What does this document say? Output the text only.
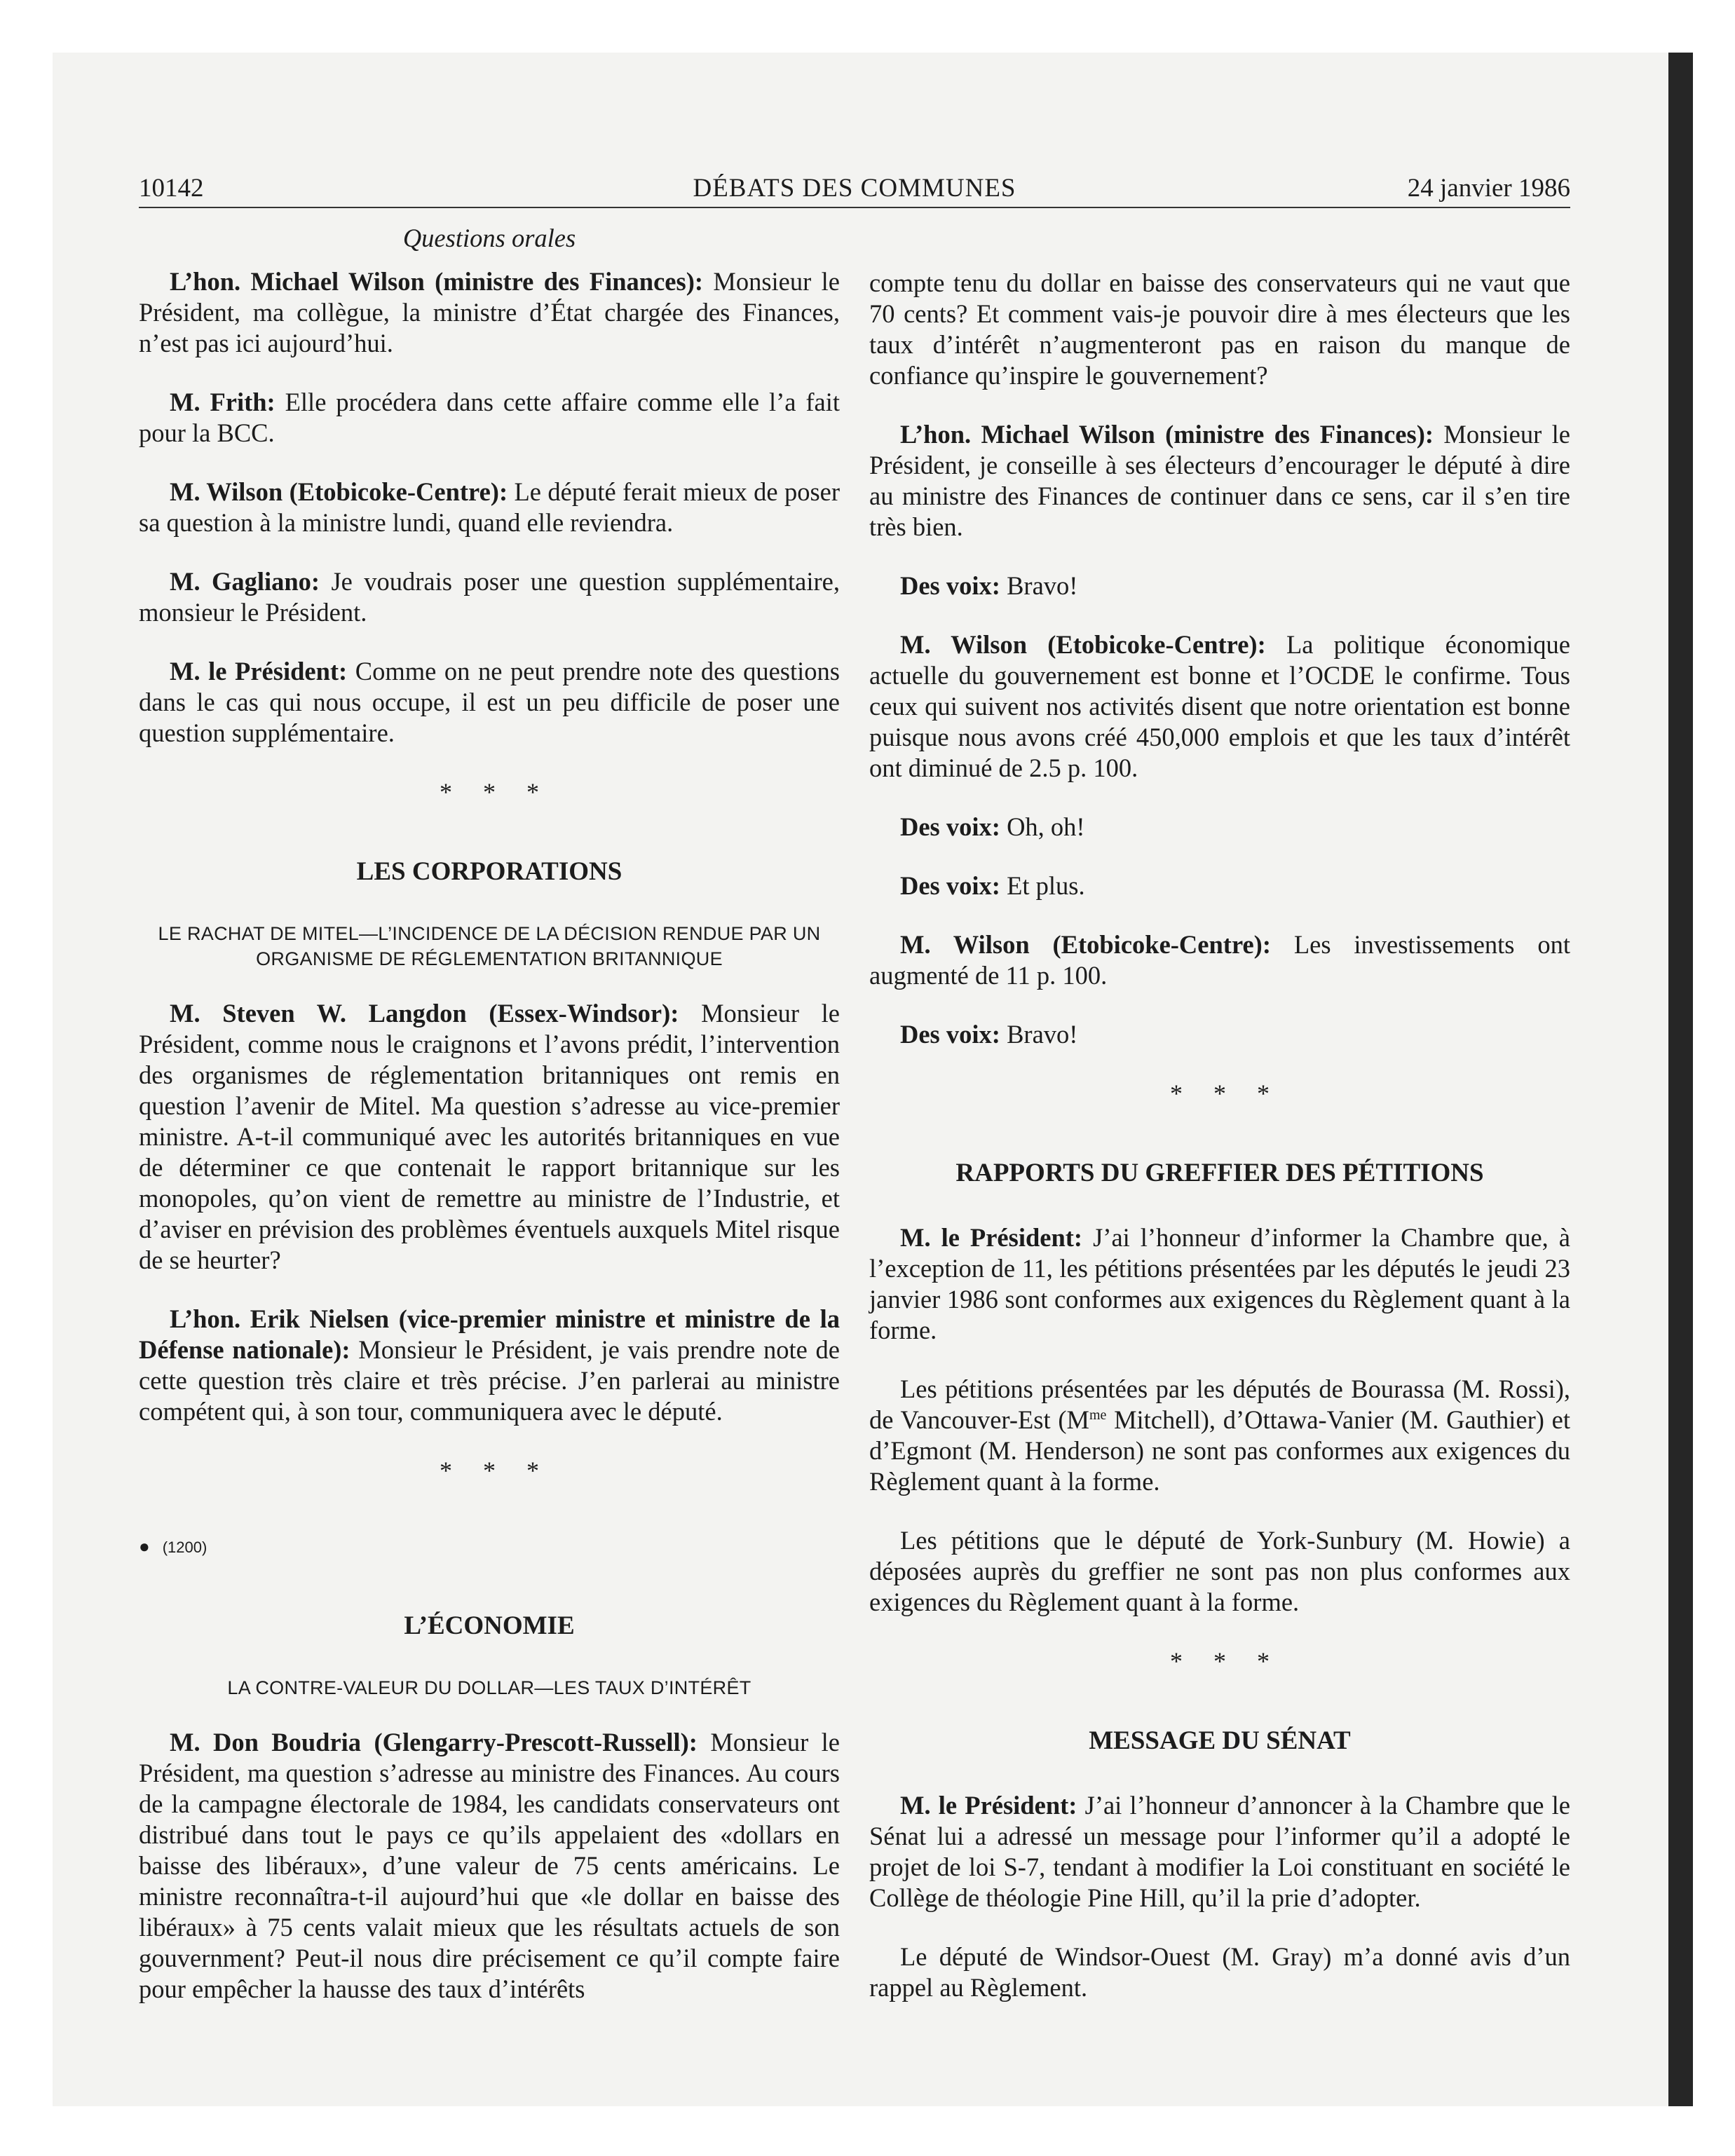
10142	DÉBATS DES COMMUNES	24 janvier 1986
Questions orales

L’hon. Michael Wilson (ministre des Finances): Monsieur le Président, ma collègue, la ministre d’État chargée des Finances, n’est pas ici aujourd’hui.

M. Frith: Elle procédera dans cette affaire comme elle l’a fait pour la BCC.

M. Wilson (Etobicoke-Centre): Le député ferait mieux de poser sa question à la ministre lundi, quand elle reviendra.

M. Gagliano: Je voudrais poser une question supplémentaire, monsieur le Président.

M. le Président: Comme on ne peut prendre note des questions dans le cas qui nous occupe, il est un peu difficile de poser une question supplémentaire.

***
LES CORPORATIONS
LE RACHAT DE MITEL—L’INCIDENCE DE LA DÉCISION RENDUE PAR UN ORGANISME DE RÉGLEMENTATION BRITANNIQUE

M. Steven W. Langdon (Essex-Windsor): Monsieur le Président, comme nous le craignons et l’avons prédit, l’intervention des organismes de réglementation britanniques ont remis en question l’avenir de Mitel. Ma question s’adresse au vice-premier ministre. A-t-il communiqué avec les autorités britanniques en vue de déterminer ce que contenait le rapport britannique sur les monopoles, qu’on vient de remettre au ministre de l’Industrie, et d’aviser en prévision des problèmes éventuels auxquels Mitel risque de se heurter?

L’hon. Erik Nielsen (vice-premier ministre et ministre de la Défense nationale): Monsieur le Président, je vais prendre note de cette question très claire et très précise. J’en parlerai au ministre compétent qui, à son tour, communiquera avec le député.

***
● (1200)
L’ÉCONOMIE
LA CONTRE-VALEUR DU DOLLAR—LES TAUX D’INTÉRÊT

M. Don Boudria (Glengarry-Prescott-Russell): Monsieur le Président, ma question s’adresse au ministre des Finances. Au cours de la campagne électorale de 1984, les candidats conservateurs ont distribué dans tout le pays ce qu’ils appelaient des «dollars en baisse des libéraux», d’une valeur de 75 cents américains. Le ministre reconnaîtra-t-il aujourd’hui que «le dollar en baisse des libéraux» à 75 cents valait mieux que les résultats actuels de son gouvernment? Peut-il nous dire précisement ce qu’il compte faire pour empêcher la hausse des taux d’intérêts

compte tenu du dollar en baisse des conservateurs qui ne vaut que 70 cents? Et comment vais-je pouvoir dire à mes électeurs que les taux d’intérêt n’augmenteront pas en raison du manque de confiance qu’inspire le gouvernement?

L’hon. Michael Wilson (ministre des Finances): Monsieur le Président, je conseille à ses électeurs d’encourager le député à dire au ministre des Finances de continuer dans ce sens, car il s’en tire très bien.

Des voix: Bravo!

M. Wilson (Etobicoke-Centre): La politique économique actuelle du gouvernement est bonne et l’OCDE le confirme. Tous ceux qui suivent nos activités disent que notre orientation est bonne puisque nous avons créé 450,000 emplois et que les taux d’intérêt ont diminué de 2.5 p. 100.

Des voix: Oh, oh!

Des voix: Et plus.

M. Wilson (Etobicoke-Centre): Les investissements ont augmenté de 11 p. 100.

Des voix: Bravo!

***
RAPPORTS DU GREFFIER DES PÉTITIONS

M. le Président: J’ai l’honneur d’informer la Chambre que, à l’exception de 11, les pétitions présentées par les députés le jeudi 23 janvier 1986 sont conformes aux exigences du Règlement quant à la forme.

Les pétitions présentées par les députés de Bourassa (M. Rossi), de Vancouver-Est ($M^{me}$ Mitchell), d’Ottawa-Vanier (M. Gauthier) et d’Egmont (M. Henderson) ne sont pas conformes aux exigences du Règlement quant à la forme.

Les pétitions que le député de York-Sunbury (M. Howie) a déposées auprès du greffier ne sont pas non plus conformes aux exigences du Règlement quant à la forme.

***
MESSAGE DU SÉNAT

M. le Président: J’ai l’honneur d’annoncer à la Chambre que le Sénat lui a adressé un message pour l’informer qu’il a adopté le projet de loi S-7, tendant à modifier la Loi constituant en société le Collège de théologie Pine Hill, qu’il la prie d’adopter.

Le député de Windsor-Ouest (M. Gray) m’a donné avis d’un rappel au Règlement.
